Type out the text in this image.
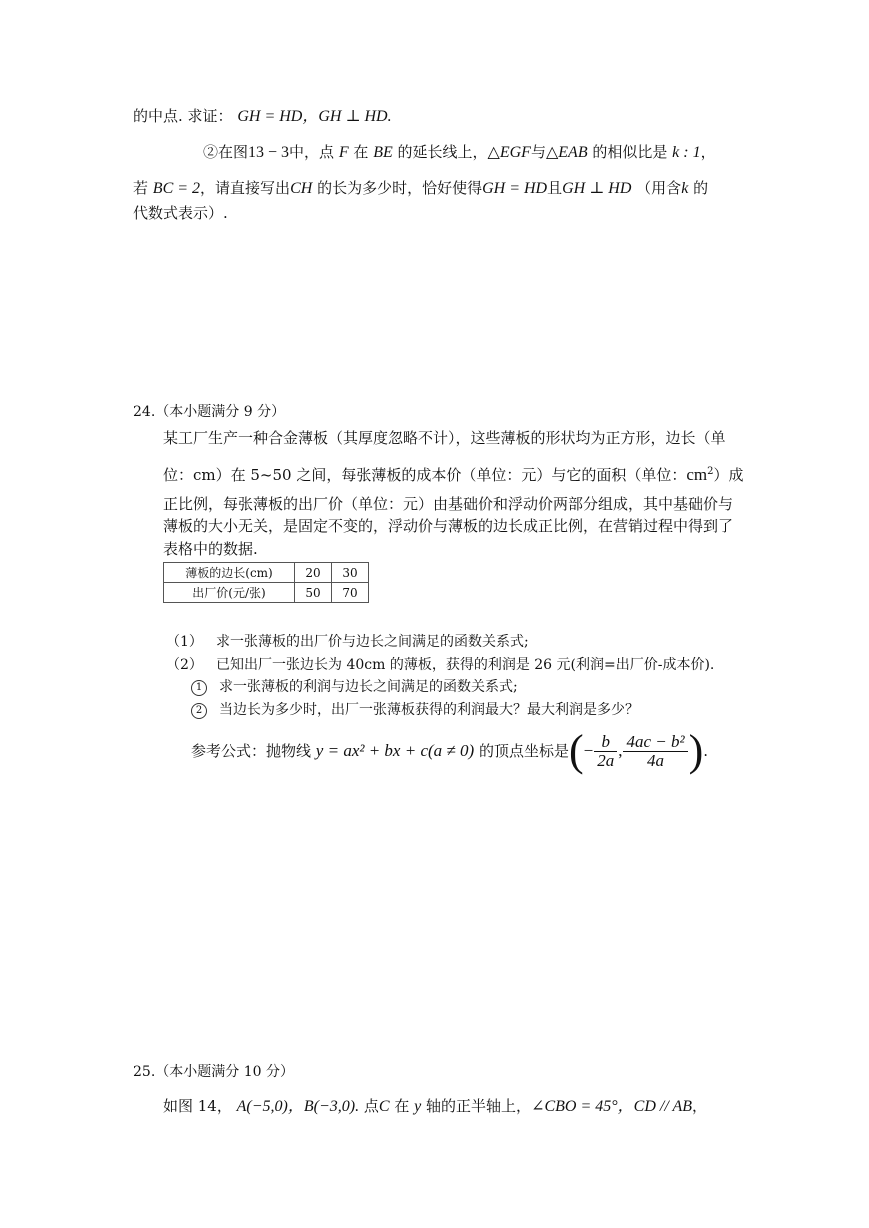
的中点. 求证： GH = HD，GH ⊥ HD.
②在图13 − 3中，点 F 在 BE 的延长线上，△EGF与△EAB 的相似比是 k : 1，
若 BC = 2，请直接写出CH 的长为多少时，恰好使得GH = HD且GH ⊥ HD （用含k 的
代数式表示）.
24.（本小题满分 9 分）
某工厂生产一种合金薄板（其厚度忽略不计），这些薄板的形状均为正方形，边长（单
位：cm）在 5~50 之间，每张薄板的成本价（单位：元）与它的面积（单位：$cm^2$）成
正比例，每张薄板的出厂价（单位：元）由基础价和浮动价两部分组成，其中基础价与
薄板的大小无关，是固定不变的，浮动价与薄板的边长成正比例，在营销过程中得到了
表格中的数据.
薄板的边长(cm)	20	30
出厂价(元/张)	50	70
（1） 求一张薄板的出厂价与边长之间满足的函数关系式;
（2） 已知出厂一张边长为 40cm 的薄板，获得的利润是 26 元(利润=出厂价-成本价).
1 求一张薄板的利润与边长之间满足的函数关系式;
2 当边长为多少时，出厂一张薄板获得的利润最大？最大利润是多少？
参考公式：抛物线 y = ax² + bx + c(a ≠ 0) 的顶点坐标是(− $\frac{b}{2a}$ , $\frac{\text{4ac − b²}}{4a}$ ).
25.（本小题满分 10 分）
如图 14， A(−5,0)，B(−3,0). 点C 在 y 轴的正半轴上，∠CBO = 45°，CD // AB，
